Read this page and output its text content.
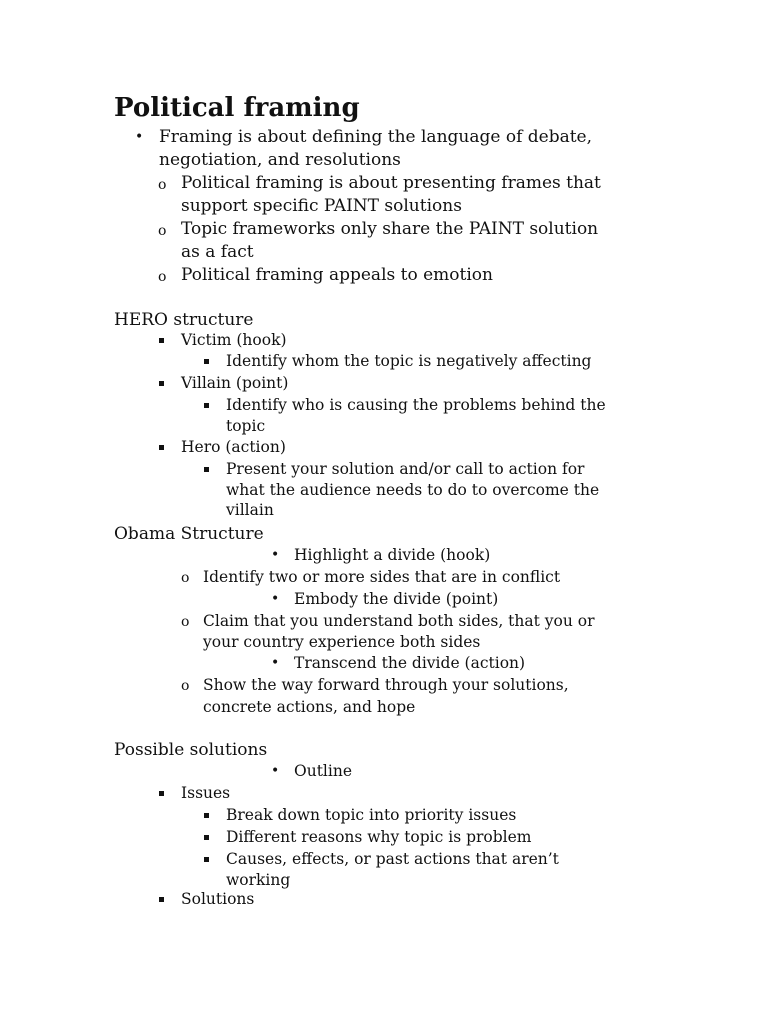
Political framing
• Framing is about defining the language of debate,
negotiation, and resolutions
o Political framing is about presenting frames that
support specific PAINT solutions
o Topic frameworks only share the PAINT solution
as a fact
o Political framing appeals to emotion
HERO structure
Victim (hook)
Identify whom the topic is negatively affecting
Villain (point)
Identify who is causing the problems behind the
topic
Hero (action)
Present your solution and/or call to action for
what the audience needs to do to overcome the
villain
Obama Structure
• Highlight a divide (hook)
o Identify two or more sides that are in conflict
• Embody the divide (point)
o Claim that you understand both sides, that you or
your country experience both sides
• Transcend the divide (action)
o Show the way forward through your solutions,
concrete actions, and hope
Possible solutions
• Outline
Issues
Break down topic into priority issues
Different reasons why topic is problem
Causes, effects, or past actions that aren’t
working
Solutions
